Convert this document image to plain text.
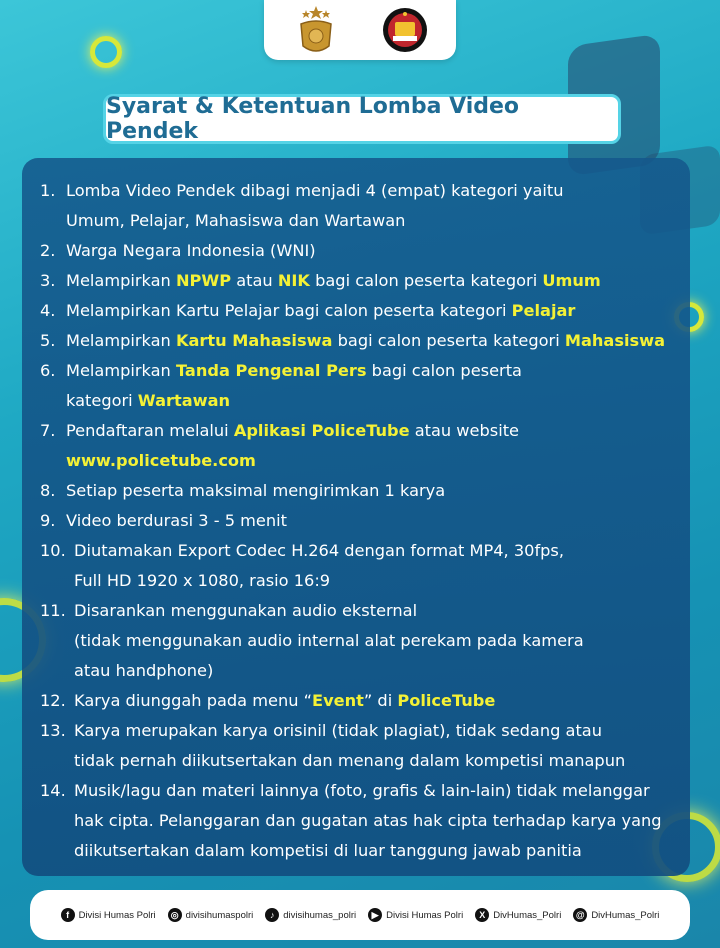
Syarat & Ketentuan Lomba Video Pendek
1. Lomba Video Pendek dibagi menjadi 4 (empat) kategori yaitu
Umum, Pelajar, Mahasiswa dan Wartawan
2. Warga Negara Indonesia (WNI)
3. Melampirkan NPWP atau NIK bagi calon peserta kategori Umum
4. Melampirkan Kartu Pelajar bagi calon peserta kategori Pelajar
5. Melampirkan Kartu Mahasiswa bagi calon peserta kategori Mahasiswa
6. Melampirkan Tanda Pengenal Pers bagi calon peserta
kategori Wartawan
7. Pendaftaran melalui Aplikasi PoliceTube atau website
www.policetube.com
8. Setiap peserta maksimal mengirimkan 1 karya
9. Video berdurasi 3 - 5 menit
10. Diutamakan Export Codec H.264 dengan format MP4, 30fps,
Full HD 1920 x 1080, rasio 16:9
11. Disarankan menggunakan audio eksternal
(tidak menggunakan audio internal alat perekam pada kamera
atau handphone)
12. Karya diunggah pada menu “Event” di PoliceTube
13. Karya merupakan karya orisinil (tidak plagiat), tidak sedang atau
tidak pernah diikutsertakan dan menang dalam kompetisi manapun
14. Musik/lagu dan materi lainnya (foto, grafis & lain-lain) tidak melanggar
hak cipta. Pelanggaran dan gugatan atas hak cipta terhadap karya yang
diikutsertakan dalam kompetisi di luar tanggung jawab panitia
f	Divisi Humas Polri	◎ divisihumaspolri	♪ divisihumas_polri	▶ Divisi Humas Polri	X DivHumas_Polri @ DivHumas_Polri
